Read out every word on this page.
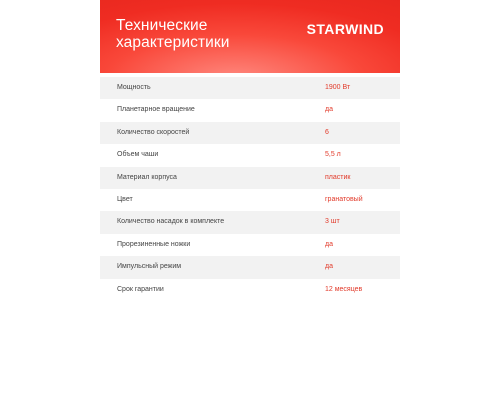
Технические характеристики
STARWIND
Мощность	1900 Вт
Планетарное вращение	да
Количество скоростей	6
Объем чаши	5,5 л
Материал корпуса	пластик
Цвет	гранатовый
Количество насадок в комплекте	3 шт
Прорезиненные ножки	да
Импульсный режим	да
Срок гарантии	12 месяцев
